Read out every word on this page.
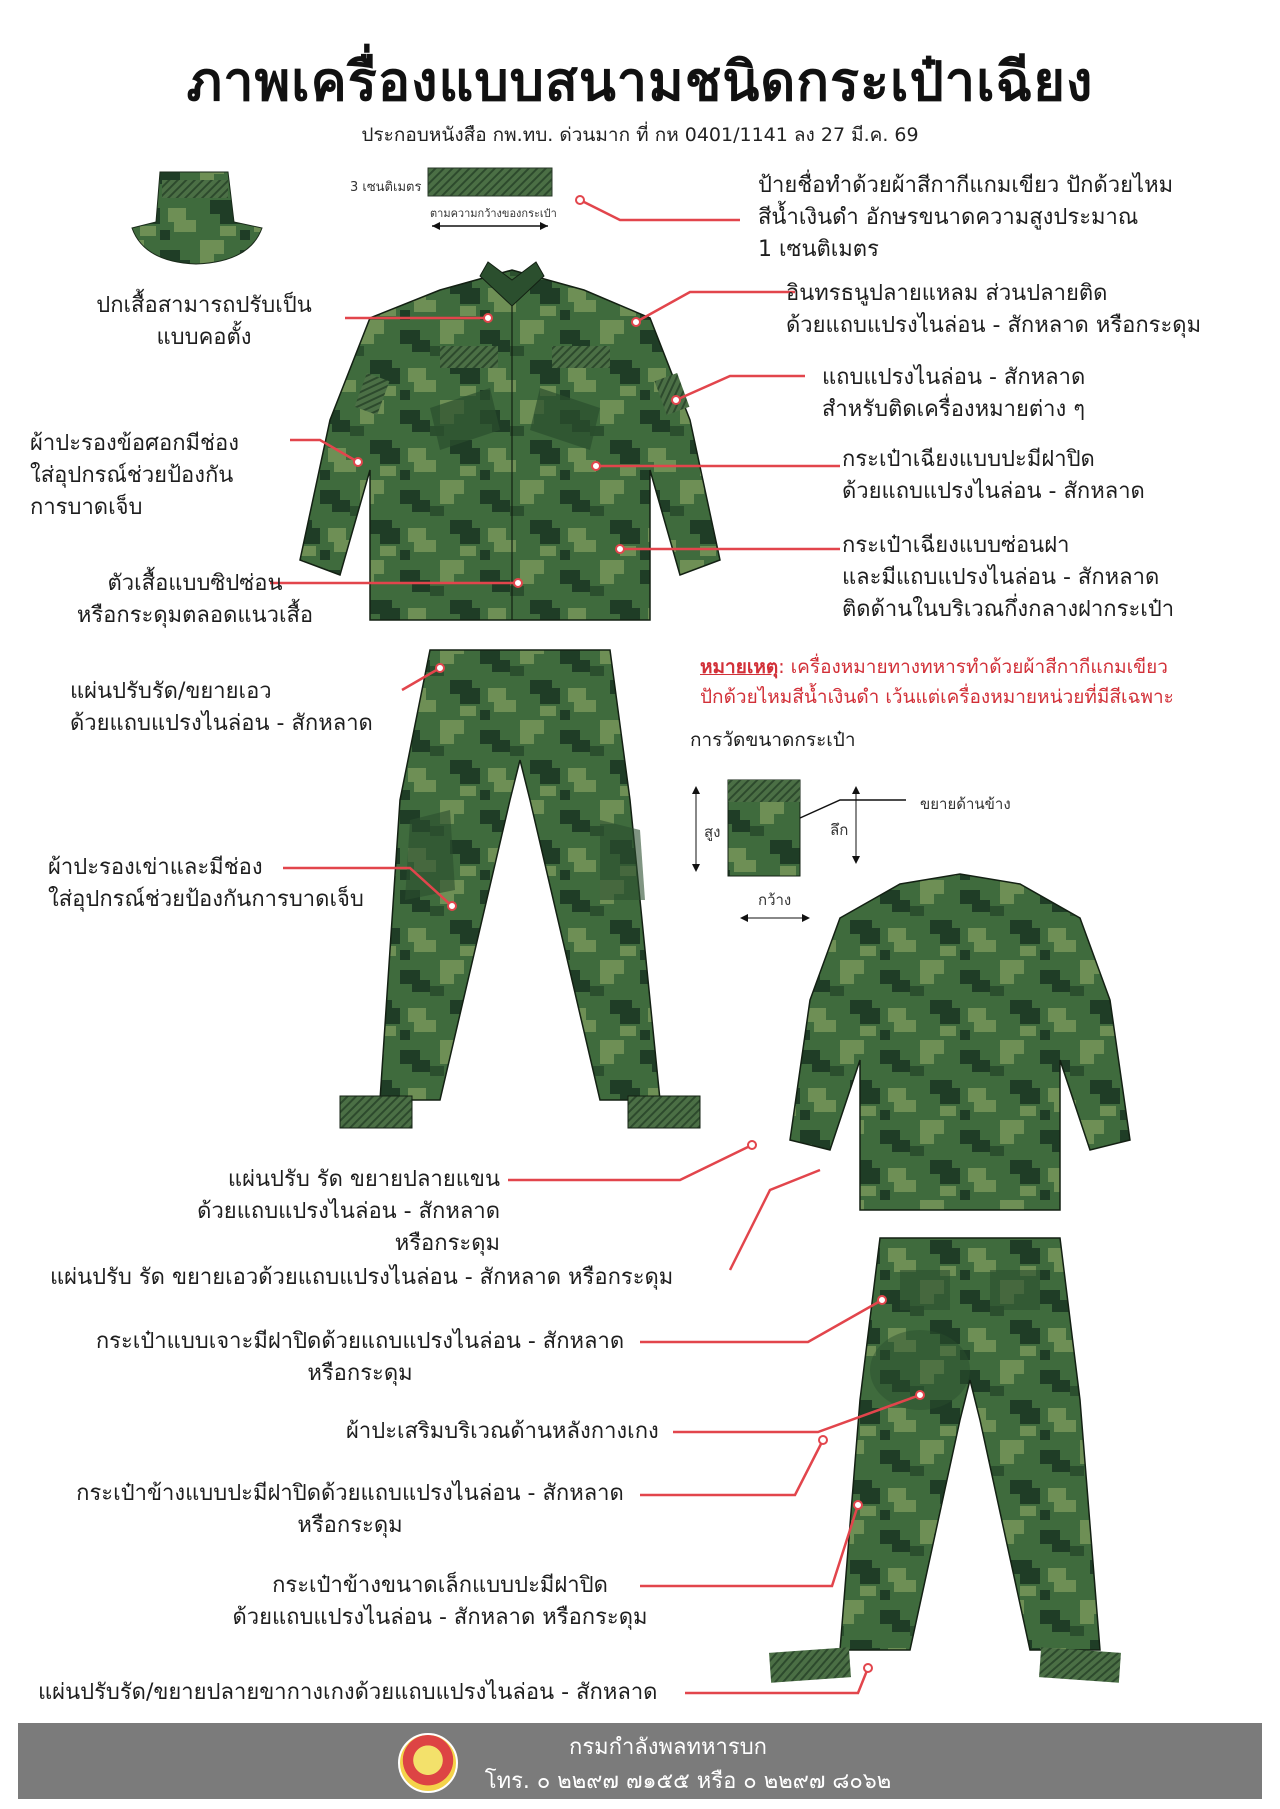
ภาพเครื่องแบบสนามชนิดกระเป๋าเฉียง
ประกอบหนังสือ กพ.ทบ. ด่วนมาก ที่ กห 0401/1141 ลง 27 มี.ค. 69
3 เซนติเมตร
ตามความกว้างของกระเป๋า
ป้ายชื่อทำด้วยผ้าสีกากีแกมเขียว ปักด้วยไหม
สีน้ำเงินดำ อักษรขนาดความสูงประมาณ
1 เซนติเมตร
ปกเสื้อสามารถปรับเป็น
แบบคอตั้ง
อินทรธนูปลายแหลม ส่วนปลายติด
ด้วยแถบแปรงไนล่อน - สักหลาด หรือกระดุม
แถบแปรงไนล่อน - สักหลาด
สำหรับติดเครื่องหมายต่าง ๆ
ผ้าปะรองข้อศอกมีช่อง
ใส่อุปกรณ์ช่วยป้องกัน
การบาดเจ็บ
กระเป๋าเฉียงแบบปะมีฝาปิด
ด้วยแถบแปรงไนล่อน - สักหลาด
ตัวเสื้อแบบซิปซ่อน
หรือกระดุมตลอดแนวเสื้อ
กระเป๋าเฉียงแบบซ่อนฝา
และมีแถบแปรงไนล่อน - สักหลาด
ติดด้านในบริเวณกึ่งกลางฝากระเป๋า
หมายเหตุ: เครื่องหมายทางทหารทำด้วยผ้าสีกากีแกมเขียว
ปักด้วยไหมสีน้ำเงินดำ เว้นแต่เครื่องหมายหน่วยที่มีสีเฉพาะ
การวัดขนาดกระเป๋า
สูง
กว้าง
ลึก
ขยายด้านข้าง
แผ่นปรับรัด/ขยายเอว
ด้วยแถบแปรงไนล่อน - สักหลาด
ผ้าปะรองเข่าและมีช่อง
ใส่อุปกรณ์ช่วยป้องกันการบาดเจ็บ
แผ่นปรับ รัด ขยายปลายแขน
ด้วยแถบแปรงไนล่อน - สักหลาด หรือกระดุม
แผ่นปรับ รัด ขยายเอวด้วยแถบแปรงไนล่อน - สักหลาด หรือกระดุม
กระเป๋าแบบเจาะมีฝาปิดด้วยแถบแปรงไนล่อน - สักหลาด
หรือกระดุม
ผ้าปะเสริมบริเวณด้านหลังกางเกง
กระเป๋าข้างแบบปะมีฝาปิดด้วยแถบแปรงไนล่อน - สักหลาด
หรือกระดุม
กระเป๋าข้างขนาดเล็กแบบปะมีฝาปิด
ด้วยแถบแปรงไนล่อน - สักหลาด หรือกระดุม
แผ่นปรับรัด/ขยายปลายขากางเกงด้วยแถบแปรงไนล่อน - สักหลาด
กรมกำลังพลทหารบก
โทร. ๐ ๒๒๙๗ ๗๑๕๕ หรือ ๐ ๒๒๙๗ ๘๐๖๒
